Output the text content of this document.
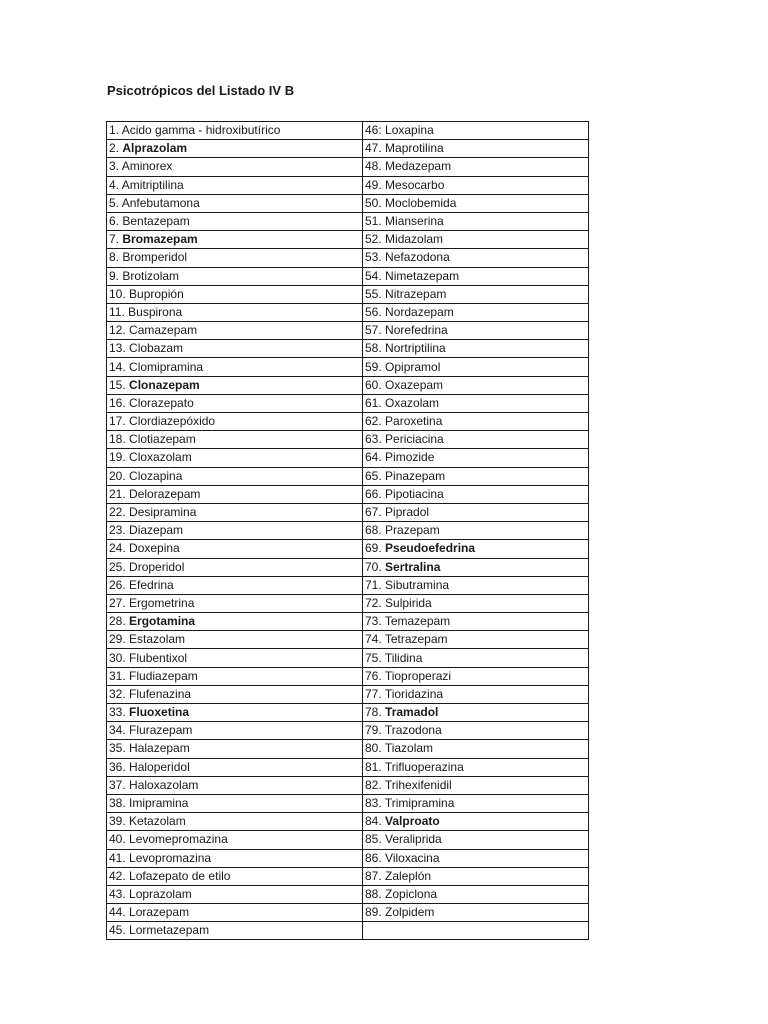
Psicotrópicos del Listado IV B
1. Acido gamma - hidroxibutírico	46: Loxapina
2. Alprazolam	47. Maprotilina
3. Aminorex	48. Medazepam
4. Amitriptilina	49. Mesocarbo
5. Anfebutamona	50. Moclobemida
6. Bentazepam	51. Mianserina
7. Bromazepam	52. Midazolam
8. Bromperidol	53. Nefazodona
9. Brotizolam	54. Nimetazepam
10. Bupropión	55. Nitrazepam
11. Buspirona	56. Nordazepam
12. Camazepam	57. Norefedrina
13. Clobazam	58. Nortriptilina
14. Clomipramina	59. Opipramol
15. Clonazepam	60. Oxazepam
16. Clorazepato	61. Oxazolam
17. Clordiazepóxido	62. Paroxetina
18. Clotiazepam	63. Periciacina
19. Cloxazolam	64. Pimozide
20. Clozapina	65. Pinazepam
21. Delorazepam	66. Pipotiacina
22. Desipramina	67. Pipradol
23. Diazepam	68. Prazepam
24. Doxepina	69. Pseudoefedrina
25. Droperidol	70. Sertralina
26. Efedrina	71. Sibutramina
27. Ergometrina	72. Sulpirida
28. Ergotamina	73. Temazepam
29. Estazolam	74. Tetrazepam
30. Flubentixol	75. Tilidina
31. Fludiazepam	76. Tioproperazi
32. Flufenazina	77. Tioridazina
33. Fluoxetina	78. Tramadol
34. Flurazepam	79. Trazodona
35. Halazepam	80. Tiazolam
36. Haloperidol	81. Trifluoperazina
37. Haloxazolam	82. Trihexifenidil
38. Imipramina	83. Trimipramina
39. Ketazolam	84. Valproato
40. Levomepromazina	85. Veraliprida
41. Levopromazina	86. Viloxacina
42. Lofazepato de etilo	87. Zaleplón
43. Loprazolam	88. Zopiclona
44. Lorazepam	89. Zolpidem
45. Lormetazepam	
